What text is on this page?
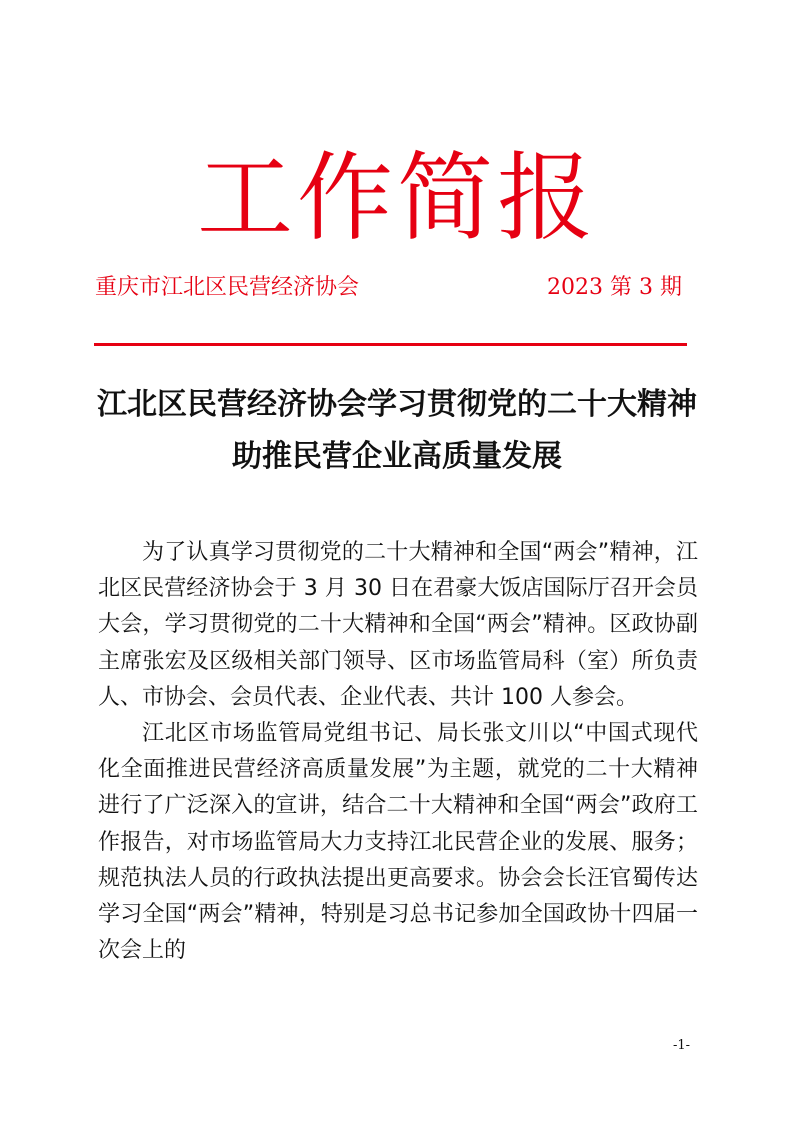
工作简报
重庆市江北区民营经济协会	2023 第 3 期
江北区民营经济协会学习贯彻党的二十大精神
助推民营企业高质量发展

为了认真学习贯彻党的二十大精神和全国“两会”精神，江北区民营经济协会于 3 月 30 日在君豪大饭店国际厅召开会员大会，学习贯彻党的二十大精神和全国“两会”精神。区政协副主席张宏及区级相关部门领导、区市场监管局科（室）所负责人、市协会、会员代表、企业代表、共计 100 人参会。

江北区市场监管局党组书记、局长张文川以“中国式现代化全面推进民营经济高质量发展”为主题，就党的二十大精神进行了广泛深入的宣讲，结合二十大精神和全国“两会”政府工作报告，对市场监管局大力支持江北民营企业的发展、服务；规范执法人员的行政执法提出更高要求。协会会长汪官蜀传达学习全国“两会”精神，特别是习总书记参加全国政协十四届一次会上的

-1-
